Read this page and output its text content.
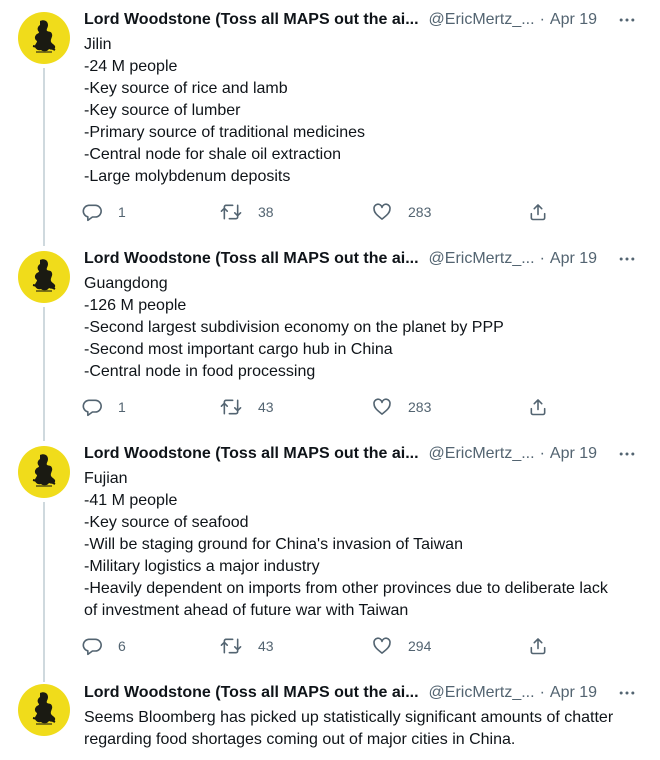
Lord Woodstone (Toss all MAPS out the ai... @EricMertz_... · Apr 19
Jilin
-24 M people
-Key source of rice and lamb
-Key source of lumber
-Primary source of traditional medicines
-Central node for shale oil extraction
-Large molybdenum deposits
1	38	283
Lord Woodstone (Toss all MAPS out the ai... @EricMertz_... · Apr 19
Guangdong
-126 M people
-Second largest subdivision economy on the planet by PPP
-Second most important cargo hub in China
-Central node in food processing
1	43	283
Lord Woodstone (Toss all MAPS out the ai... @EricMertz_... · Apr 19
Fujian
-41 M people
-Key source of seafood
-Will be staging ground for China's invasion of Taiwan
-Military logistics a major industry
-Heavily dependent on imports from other provinces due to deliberate lack
of investment ahead of future war with Taiwan
6	43	294
Lord Woodstone (Toss all MAPS out the ai... @EricMertz_... · Apr 19
Seems Bloomberg has picked up statistically significant amounts of chatter
regarding food shortages coming out of major cities in China.
